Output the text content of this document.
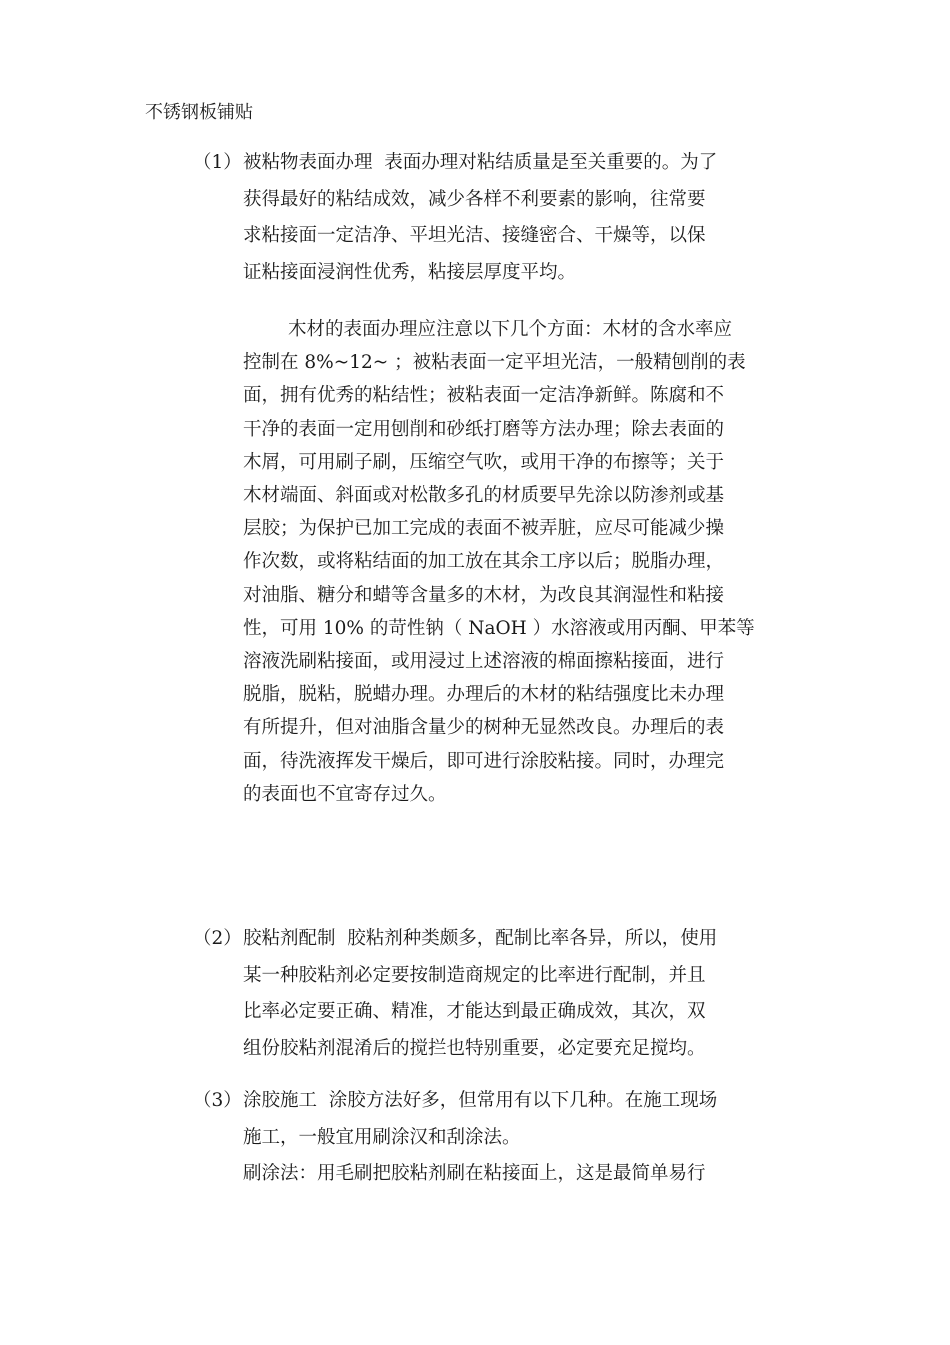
不锈钢板铺贴
（1） 被粘物表面办理 表面办理对粘结质量是至关重要的。为了
获得最好的粘结成效，减少各样不利要素的影响，往常要
求粘接面一定洁净、平坦光洁、接缝密合、干燥等，以保
证粘接面浸润性优秀，粘接层厚度平均。
木材的表面办理应注意以下几个方面：木材的含水率应
控制在 8%~12~ ；被粘表面一定平坦光洁，一般精刨削的表
面，拥有优秀的粘结性；被粘表面一定洁净新鲜。陈腐和不
干净的表面一定用刨削和砂纸打磨等方法办理；除去表面的
木屑，可用刷子刷，压缩空气吹，或用干净的布擦等；关于
木材端面、斜面或对松散多孔的材质要早先涂以防渗剂或基
层胶；为保护已加工完成的表面不被弄脏，应尽可能减少操
作次数，或将粘结面的加工放在其余工序以后；脱脂办理，
对油脂、糖分和蜡等含量多的木材，为改良其润湿性和粘接
性，可用 10% 的苛性钠（ NaOH ）水溶液或用丙酮、甲苯等
溶液洗刷粘接面，或用浸过上述溶液的棉面擦粘接面，进行
脱脂，脱粘，脱蜡办理。办理后的木材的粘结强度比未办理
有所提升，但对油脂含量少的树种无显然改良。办理后的表
面，待洗液挥发干燥后，即可进行涂胶粘接。同时，办理完
的表面也不宜寄存过久。
（2） 胶粘剂配制 胶粘剂种类颇多，配制比率各异，所以，使用
某一种胶粘剂必定要按制造商规定的比率进行配制，并且
比率必定要正确、精准，才能达到最正确成效，其次，双
组份胶粘剂混淆后的搅拦也特别重要，必定要充足搅均。
（3） 涂胶施工 涂胶方法好多，但常用有以下几种。在施工现场
施工，一般宜用刷涂汉和刮涂法。
刷涂法：用毛刷把胶粘剂刷在粘接面上，这是最简单易行
